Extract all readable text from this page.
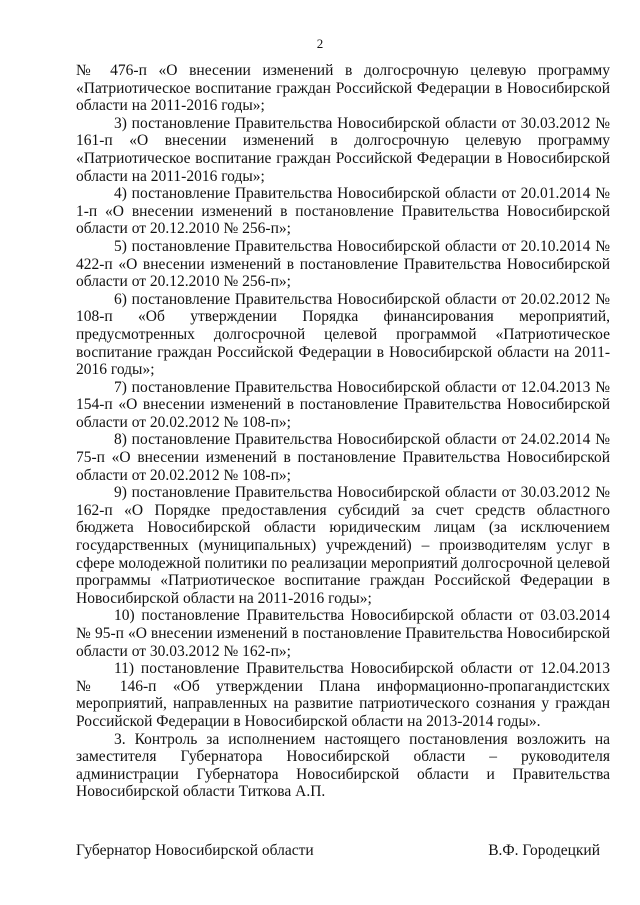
2

№ 476-п «О внесении изменений в долгосрочную целевую программу «Патриотическое воспитание граждан Российской Федерации в Новосибирской области на 2011-2016 годы»;

3) постановление Правительства Новосибирской области от 30.03.2012 № 161-п «О внесении изменений в долгосрочную целевую программу «Патриотическое воспитание граждан Российской Федерации в Новосибирской области на 2011-2016 годы»;

4) постановление Правительства Новосибирской области от 20.01.2014 № 1-п «О внесении изменений в постановление Правительства Новосибирской области от 20.12.2010 № 256-п»;

5) постановление Правительства Новосибирской области от 20.10.2014 № 422-п «О внесении изменений в постановление Правительства Новосибирской области от 20.12.2010 № 256-п»;

6) постановление Правительства Новосибирской области от 20.02.2012 № 108-п «Об утверждении Порядка финансирования мероприятий, предусмотренных долгосрочной целевой программой «Патриотическое воспитание граждан Российской Федерации в Новосибирской области на 2011-2016 годы»;

7) постановление Правительства Новосибирской области от 12.04.2013 № 154-п «О внесении изменений в постановление Правительства Новосибирской области от 20.02.2012 № 108-п»;

8) постановление Правительства Новосибирской области от 24.02.2014 № 75-п «О внесении изменений в постановление Правительства Новосибирской области от 20.02.2012 № 108-п»;

9) постановление Правительства Новосибирской области от 30.03.2012 № 162-п «О Порядке предоставления субсидий за счет средств областного бюджета Новосибирской области юридическим лицам (за исключением государственных (муниципальных) учреждений) – производителям услуг в сфере молодежной политики по реализации мероприятий долгосрочной целевой программы «Патриотическое воспитание граждан Российской Федерации в Новосибирской области на 2011-2016 годы»;

10) постановление Правительства Новосибирской области от 03.03.2014 № 95-п «О внесении изменений в постановление Правительства Новосибирской области от 30.03.2012 № 162-п»;

11) постановление Правительства Новосибирской области от 12.04.2013 № 146-п «Об утверждении Плана информационно-пропагандистских мероприятий, направленных на развитие патриотического сознания у граждан Российской Федерации в Новосибирской области на 2013-2014 годы».

3. Контроль за исполнением настоящего постановления возложить на заместителя Губернатора Новосибирской области – руководителя администрации Губернатора Новосибирской области и Правительства Новосибирской области Титкова А.П.

Губернатор Новосибирской области	В.Ф. Городецкий
